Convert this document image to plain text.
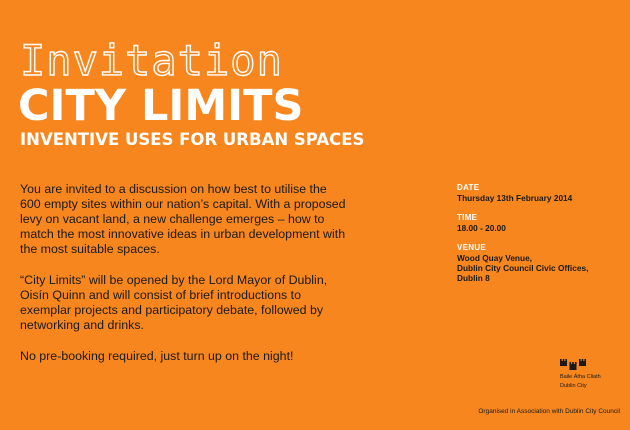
Invitation
CITY LIMITS
INVENTIVE USES FOR URBAN SPACES

You are invited to a discussion on how best to utilise the 600 empty sites within our nation’s capital. With a proposed levy on vacant land, a new challenge emerges – how to match the most innovative ideas in urban development with the most suitable spaces.

“City Limits” will be opened by the Lord Mayor of Dublin, Oisín Quinn and will consist of brief introductions to exemplar projects and participatory debate, followed by networking and drinks.

No pre-booking required, just turn up on the night!

DATE
Thursday 13th February 2014
TIME
18.00 - 20.00
VENUE
Wood Quay Venue,
Dublin City Council Civic Offices,
Dublin 8
Baile Átha Cliath
Dublin City
Organised in Association with Dublin City Council
